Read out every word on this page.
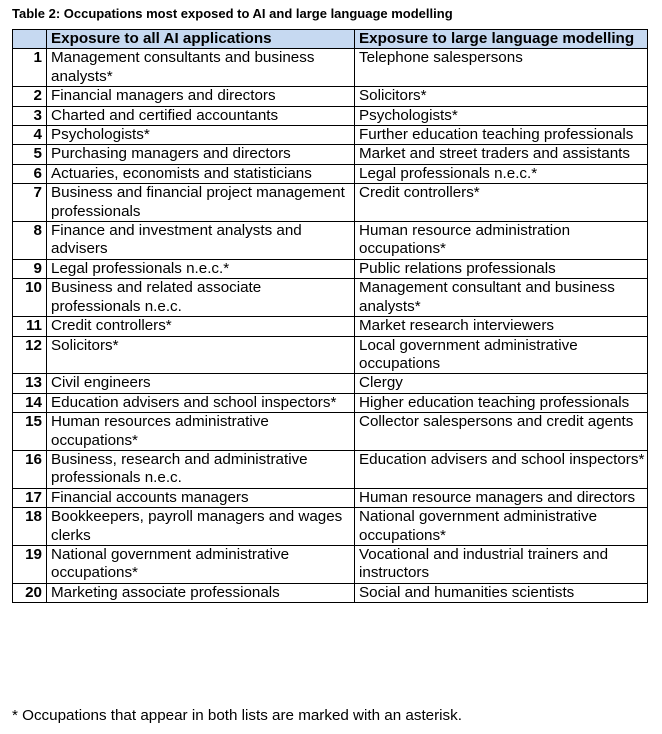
Table 2: Occupations most exposed to AI and large language modelling
	Exposure to all AI applications	Exposure to large language modelling
1	Management consultants and business analysts*	Telephone salespersons
2	Financial managers and directors	Solicitors*
3	Charted and certified accountants	Psychologists*
4	Psychologists*	Further education teaching professionals
5	Purchasing managers and directors	Market and street traders and assistants
6	Actuaries, economists and statisticians	Legal professionals n.e.c.*
7	Business and financial project management professionals	Credit controllers*
8	Finance and investment analysts and advisers	Human resource administration occupations*
9	Legal professionals n.e.c.*	Public relations professionals
10	Business and related associate professionals n.e.c.	Management consultant and business analysts*
11	Credit controllers*	Market research interviewers
12	Solicitors*	Local government administrative occupations
13	Civil engineers	Clergy
14	Education advisers and school inspectors*	Higher education teaching professionals
15	Human resources administrative occupations*	Collector salespersons and credit agents
16	Business, research and administrative professionals n.e.c.	Education advisers and school inspectors*
17	Financial accounts managers	Human resource managers and directors
18	Bookkeepers, payroll managers and wages clerks	National government administrative occupations*
19	National government administrative occupations*	Vocational and industrial trainers and instructors
20	Marketing associate professionals	Social and humanities scientists
* Occupations that appear in both lists are marked with an asterisk.
